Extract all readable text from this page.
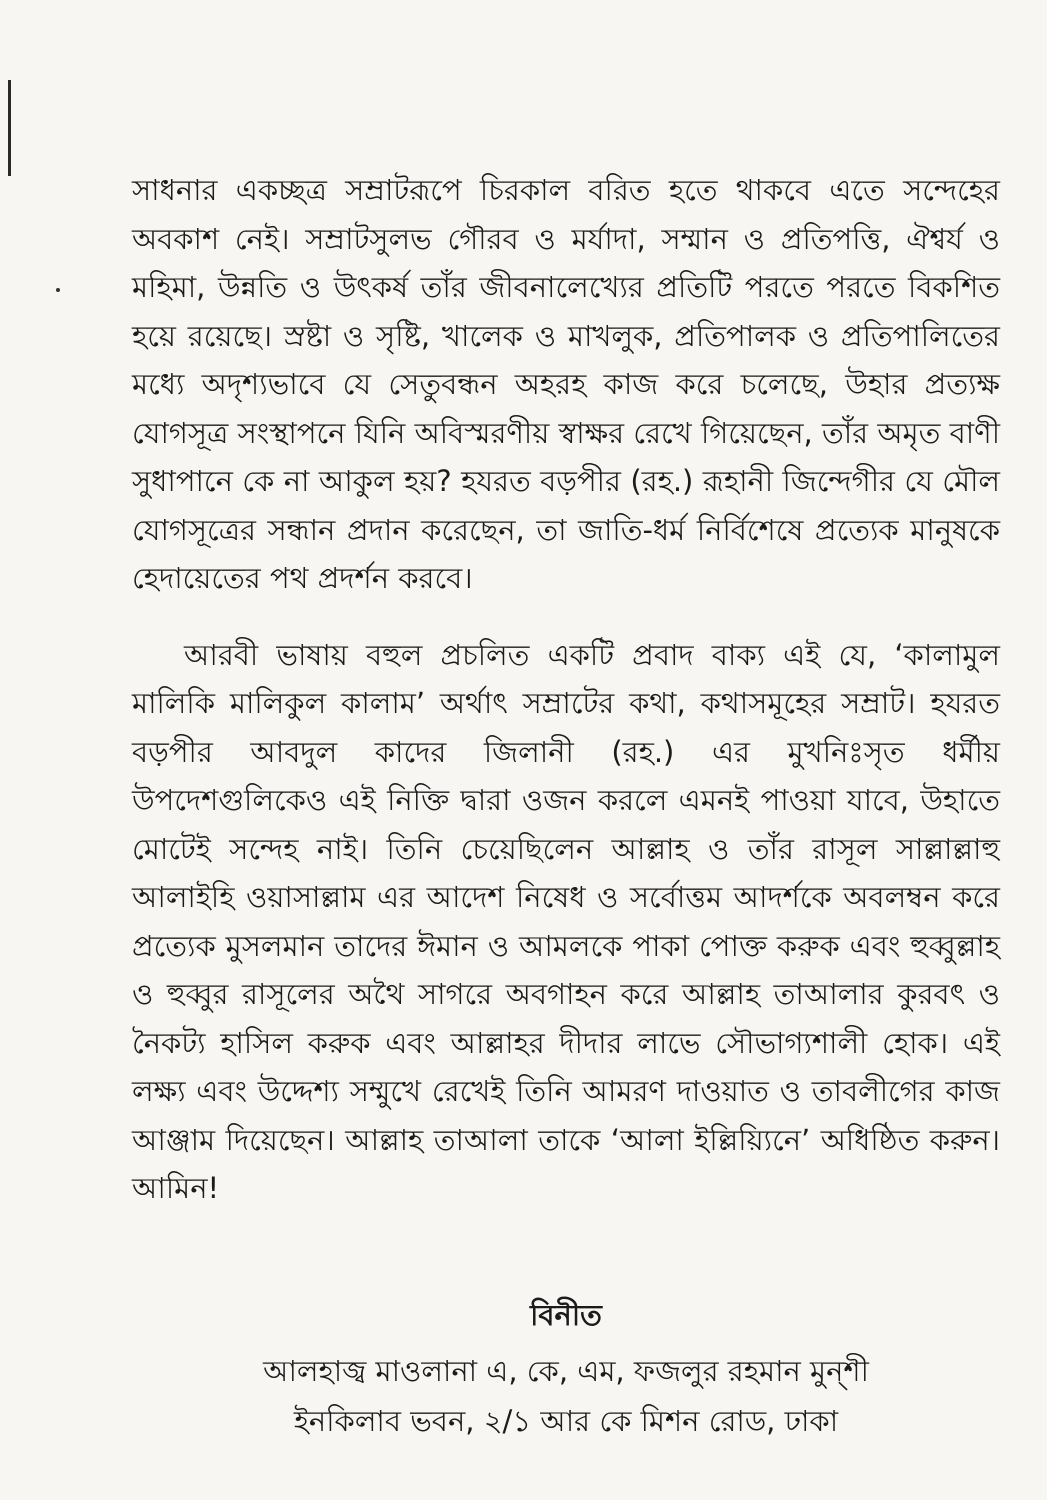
সাধনার একচ্ছত্র সম্রাটরূপে চিরকাল বরিত হতে থাকবে এতে সন্দেহের অবকাশ নেই। সম্রাটসুলভ গৌরব ও মর্যাদা, সম্মান ও প্রতিপত্তি, ঐশ্বর্য ও মহিমা, উন্নতি ও উৎকর্ষ তাঁর জীবনালেখ্যের প্রতিটি পরতে পরতে বিকশিত হয়ে রয়েছে। স্রষ্টা ও সৃষ্টি, খালেক ও মাখলুক, প্রতিপালক ও প্রতিপালিতের মধ্যে অদৃশ্যভাবে যে সেতুবন্ধন অহরহ কাজ করে চলেছে, উহার প্রত্যক্ষ যোগসূত্র সংস্থাপনে যিনি অবিস্মরণীয় স্বাক্ষর রেখে গিয়েছেন, তাঁর অমৃত বাণী সুধাপানে কে না আকুল হয়? হযরত বড়পীর (রহ.) রূহানী জিন্দেগীর যে মৌল যোগসূত্রের সন্ধান প্রদান করেছেন, তা জাতি-ধর্ম নির্বিশেষে প্রত্যেক মানুষকে হেদায়েতের পথ প্রদর্শন করবে।

আরবী ভাষায় বহুল প্রচলিত একটি প্রবাদ বাক্য এই যে, ‘কালামুল মালিকি মালিকুল কালাম’ অর্থাৎ সম্রাটের কথা, কথাসমূহের সম্রাট। হযরত বড়পীর আবদুল কাদের জিলানী (রহ.) এর মুখনিঃসৃত ধর্মীয় উপদেশগুলিকেও এই নিক্তি দ্বারা ওজন করলে এমনই পাওয়া যাবে, উহাতে মোটেই সন্দেহ নাই। তিনি চেয়েছিলেন আল্লাহ ও তাঁর রাসূল সাল্লাল্লাহু আলাইহি ওয়াসাল্লাম এর আদেশ নিষেধ ও সর্বোত্তম আদর্শকে অবলম্বন করে প্রত্যেক মুসলমান তাদের ঈমান ও আমলকে পাকা পোক্ত করুক এবং হুব্বুল্লাহ ও হুব্বুর রাসূলের অথৈ সাগরে অবগাহন করে আল্লাহ তাআলার কুরবৎ ও নৈকট্য হাসিল করুক এবং আল্লাহর দীদার লাভে সৌভাগ্যশালী হোক। এই লক্ষ্য এবং উদ্দেশ্য সম্মুখে রেখেই তিনি আমরণ দাওয়াত ও তাবলীগের কাজ আঞ্জাম দিয়েছেন। আল্লাহ তাআলা তাকে ‘আলা ইল্লিয়্যিনে’ অধিষ্ঠিত করুন। আমিন!

বিনীত

আলহাজ্ব মাওলানা এ, কে, এম, ফজলুর রহমান মুন্শী

ইনকিলাব ভবন, ২/১ আর কে মিশন রোড, ঢাকা
